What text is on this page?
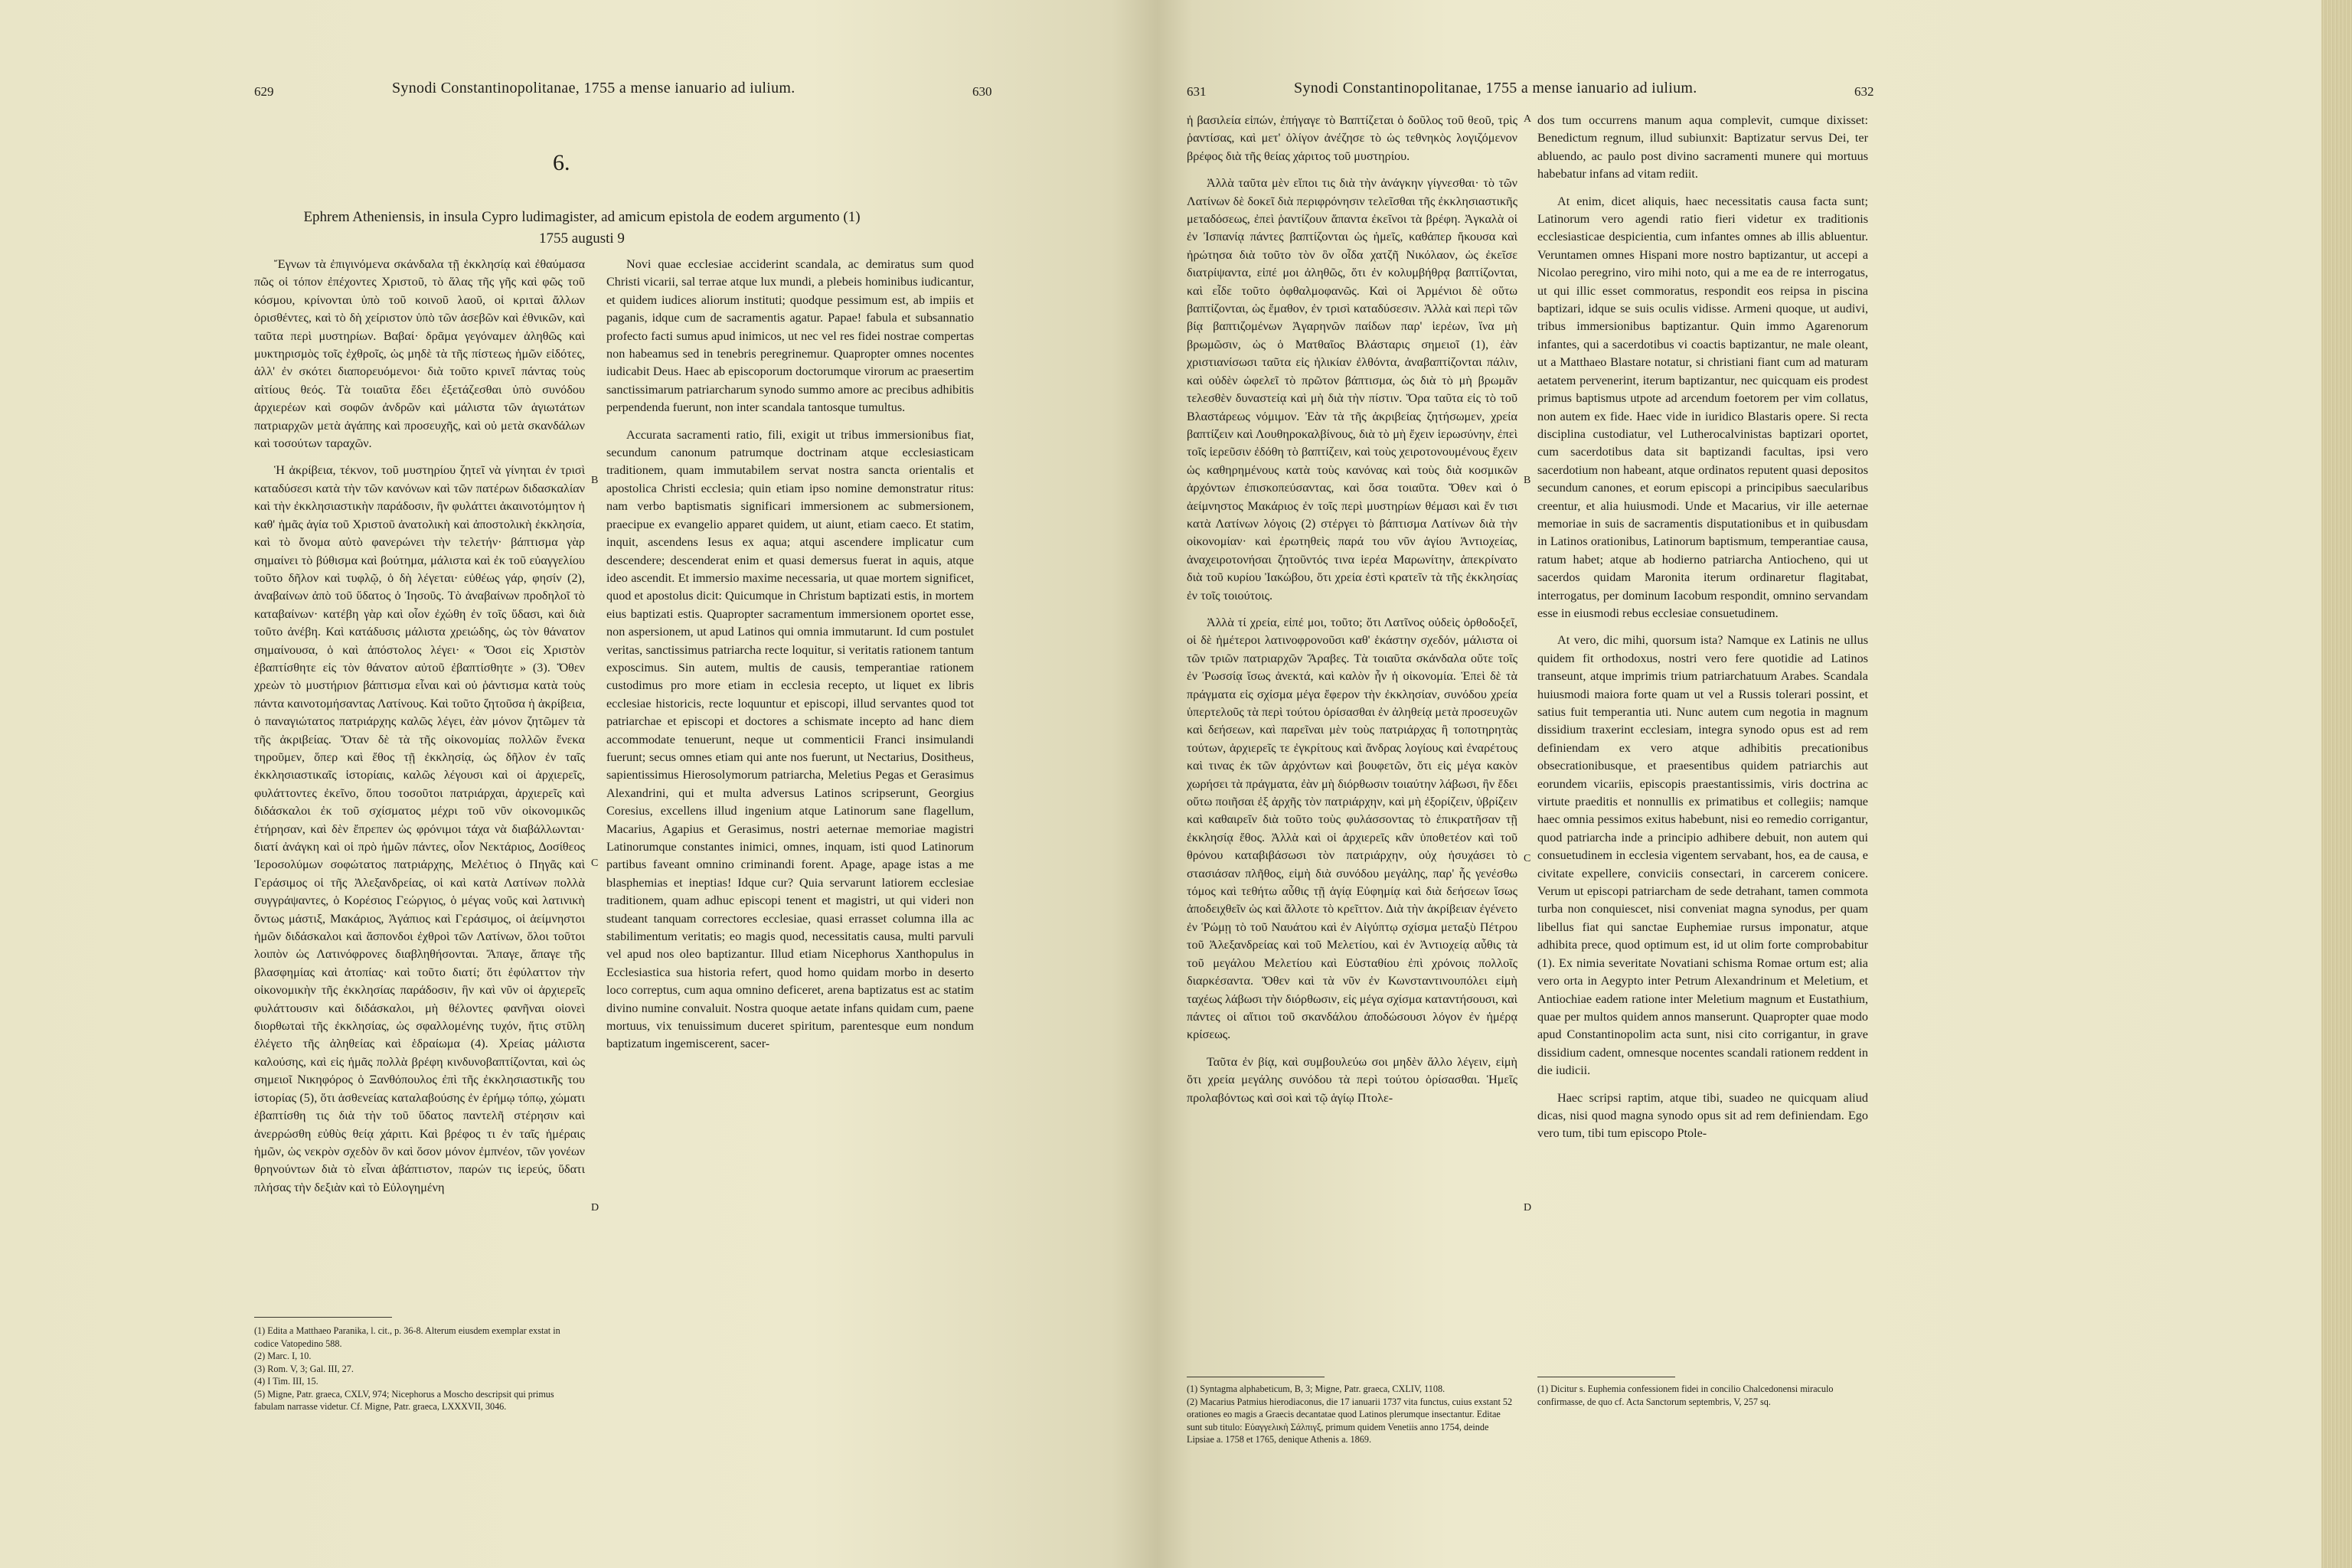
629	Synodi Constantinopolitanae, 1755 a mense ianuario ad iulium.	630
6.
Ephrem Atheniensis, in insula Cypro ludimagister, ad amicum epistola de eodem argumento (1)
1755 augusti 9

Ἔγνων τὰ ἐπιγινόμενα σκάνδαλα τῇ ἐκκλησίᾳ καὶ ἐθαύμασα πῶς οἱ τόπον ἐπέχοντες Χριστοῦ, τὸ ἅλας τῆς γῆς καὶ φῶς τοῦ κόσμου, κρίνονται ὑπὸ τοῦ κοινοῦ λαοῦ, οἱ κριταὶ ἄλλων ὁρισθέντες, καὶ τὸ δὴ χείριστον ὑπὸ τῶν ἀσεβῶν καὶ ἐθνικῶν, καὶ ταῦτα περὶ μυστηρίων. Βαβαί· δρᾶμα γεγόναμεν ἀληθῶς καὶ μυκτηρισμὸς τοῖς ἐχθροῖς, ὡς μηδὲ τὰ τῆς πίστεως ἡμῶν εἰδότες, ἀλλ' ἐν σκότει διαπορευόμενοι· διὰ τοῦτο κρινεῖ πάντας τοὺς αἰτίους θεός. Τὰ τοιαῦτα ἔδει ἐξετάζεσθαι ὑπὸ συνόδου ἀρχιερέων καὶ σοφῶν ἀνδρῶν καὶ μάλιστα τῶν ἁγιωτάτων πατριαρχῶν μετὰ ἀγάπης καὶ προσευχῆς, καὶ οὐ μετὰ σκανδάλων καὶ τοσούτων ταραχῶν.

Ἡ ἀκρίβεια, τέκνον, τοῦ μυστηρίου ζητεῖ νὰ γίνηται ἐν τρισὶ καταδύσεσι κατὰ τὴν τῶν κανόνων καὶ τῶν πατέρων διδασκαλίαν καὶ τὴν ἐκκλησιαστικὴν παράδοσιν, ἣν φυλάττει ἀκαινοτόμητον ἡ καθ' ἡμᾶς ἁγία τοῦ Χριστοῦ ἀνατολικὴ καὶ ἀποστολικὴ ἐκκλησία, καὶ τὸ ὄνομα αὐτὸ φανερώνει τὴν τελετήν· βάπτισμα γὰρ σημαίνει τὸ βύθισμα καὶ βούτημα, μάλιστα καὶ ἐκ τοῦ εὐαγγελίου τοῦτο δῆλον καὶ τυφλῷ, ὁ δὴ λέγεται· εὐθέως γάρ, φησίν (2), ἀναβαίνων ἀπὸ τοῦ ὕδατος ὁ Ἰησοῦς. Τὸ ἀναβαίνων προδηλοῖ τὸ καταβαίνων· κατέβη γὰρ καὶ οἷον ἐχώθη ἐν τοῖς ὕδασι, καὶ διὰ τοῦτο ἀνέβη. Καὶ κατάδυσις μάλιστα χρειώδης, ὡς τὸν θάνατον σημαίνουσα, ὁ καὶ ἀπόστολος λέγει· « Ὅσοι εἰς Χριστὸν ἐβαπτίσθητε εἰς τὸν θάνατον αὐτοῦ ἐβαπτίσθητε » (3). Ὅθεν χρεὼν τὸ μυστήριον βάπτισμα εἶναι καὶ οὐ ῥάντισμα κατὰ τοὺς πάντα καινοτομήσαντας Λατίνους. Καὶ τοῦτο ζητοῦσα ἡ ἀκρίβεια, ὁ παναγιώτατος πατριάρχης καλῶς λέγει, ἐὰν μόνον ζητῶμεν τὰ τῆς ἀκριβείας. Ὅταν δὲ τὰ τῆς οἰκονομίας πολλῶν ἕνεκα τηροῦμεν, ὅπερ καὶ ἔθος τῇ ἐκκλησίᾳ, ὡς δῆλον ἐν ταῖς ἐκκλησιαστικαῖς ἱστορίαις, καλῶς λέγουσι καὶ οἱ ἀρχιερεῖς, φυλάττοντες ἐκεῖνο, ὅπου τοσοῦτοι πατριάρχαι, ἀρχιερεῖς καὶ διδάσκαλοι ἐκ τοῦ σχίσματος μέχρι τοῦ νῦν οἰκονομικῶς ἐτήρησαν, καὶ δὲν ἔπρεπεν ὡς φρόνιμοι τάχα νὰ διαβάλλωνται· διατί ἀνάγκη καὶ οἱ πρὸ ἡμῶν πάντες, οἷον Νεκτάριος, Δοσίθεος Ἱεροσολύμων σοφώτατος πατριάρχης, Μελέτιος ὁ Πηγᾶς καὶ Γεράσιμος οἱ τῆς Ἀλεξανδρείας, οἱ καὶ κατὰ Λατίνων πολλὰ συγγράψαντες, ὁ Κορέσιος Γεώργιος, ὁ μέγας νοῦς καὶ λατινικὴ ὄντως μάστιξ, Μακάριος, Ἀγάπιος καὶ Γεράσιμος, οἱ ἀείμνηστοι ἡμῶν διδάσκαλοι καὶ ἄσπονδοι ἐχθροὶ τῶν Λατίνων, ὅλοι τοῦτοι λοιπὸν ὡς Λατινόφρονες διαβληθήσονται. Ἄπαγε, ἄπαγε τῆς βλασφημίας καὶ ἀτοπίας· καὶ τοῦτο διατί; ὅτι ἐφύλαττον τὴν οἰκονομικὴν τῆς ἐκκλησίας παράδοσιν, ἣν καὶ νῦν οἱ ἀρχιερεῖς φυλάττουσιν καὶ διδάσκαλοι, μὴ θέλοντες φανῆναι οἱονεὶ διορθωταὶ τῆς ἐκκλησίας, ὡς σφαλλομένης τυχόν, ἥτις στῦλη ἐλέγετο τῆς ἀληθείας καὶ ἑδραίωμα (4). Χρείας μάλιστα καλούσης, καὶ εἰς ἡμᾶς πολλὰ βρέφη κινδυνοβαπτίζονται, καὶ ὡς σημειοῖ Νικηφόρος ὁ Ξανθόπουλος ἐπὶ τῆς ἐκκλησιαστικῆς του ἱστορίας (5), ὅτι ἀσθενείας καταλαβούσης ἐν ἐρήμῳ τόπῳ, χώματι ἐβαπτίσθη τις διὰ τὴν τοῦ ὕδατος παντελῆ στέρησιν καὶ ἀνερρώσθη εὐθὺς θείᾳ χάριτι. Καὶ βρέφος τι ἐν ταῖς ἡμέραις ἡμῶν, ὡς νεκρὸν σχεδὸν ὂν καὶ ὅσον μόνον ἐμπνέον, τῶν γονέων θρηνούντων διὰ τὸ εἶναι ἀβάπτιστον, παρών τις ἱερεύς, ὕδατι πλήσας τὴν δεξιὰν καὶ τὸ Εὐλογημένη

B
C
D

Novi quae ecclesiae acciderint scandala, ac demiratus sum quod Christi vicarii, sal terrae atque lux mundi, a plebeis hominibus iudicantur, et quidem iudices aliorum instituti; quodque pessimum est, ab impiis et paganis, idque cum de sacramentis agatur. Papae! fabula et subsannatio profecto facti sumus apud inimicos, ut nec vel res fidei nostrae compertas non habeamus sed in tenebris peregrinemur. Quapropter omnes nocentes iudicabit Deus. Haec ab episcoporum doctorumque virorum ac praesertim sanctissimarum patriarcharum synodo summo amore ac precibus adhibitis perpendenda fuerunt, non inter scandala tantosque tumultus.

Accurata sacramenti ratio, fili, exigit ut tribus immersionibus fiat, secundum canonum patrumque doctrinam atque ecclesiasticam traditionem, quam immutabilem servat nostra sancta orientalis et apostolica Christi ecclesia; quin etiam ipso nomine demonstratur ritus: nam verbo baptismatis significari immersionem ac submersionem, praecipue ex evangelio apparet quidem, ut aiunt, etiam caeco. Et statim, inquit, ascendens Iesus ex aqua; atqui ascendere implicatur cum descendere; descenderat enim et quasi demersus fuerat in aquis, atque ideo ascendit. Et immersio maxime necessaria, ut quae mortem significet, quod et apostolus dicit: Quicumque in Christum baptizati estis, in mortem eius baptizati estis. Quapropter sacramentum immersionem oportet esse, non aspersionem, ut apud Latinos qui omnia immutarunt. Id cum postulet veritas, sanctissimus patriarcha recte loquitur, si veritatis rationem tantum exposcimus. Sin autem, multis de causis, temperantiae rationem custodimus pro more etiam in ecclesia recepto, ut liquet ex libris ecclesiae historicis, recte loquuntur et episcopi, illud servantes quod tot patriarchae et episcopi et doctores a schismate incepto ad hanc diem accommodate tenuerunt, neque ut commenticii Franci insimulandi fuerunt; secus omnes etiam qui ante nos fuerunt, ut Nectarius, Dositheus, sapientissimus Hierosolymorum patriarcha, Meletius Pegas et Gerasimus Alexandrini, qui et multa adversus Latinos scripserunt, Georgius Coresius, excellens illud ingenium atque Latinorum sane flagellum, Macarius, Agapius et Gerasimus, nostri aeternae memoriae magistri Latinorumque constantes inimici, omnes, inquam, isti quod Latinorum partibus faveant omnino criminandi forent. Apage, apage istas a me blasphemias et ineptias! Idque cur? Quia servarunt latiorem ecclesiae traditionem, quam adhuc episcopi tenent et magistri, ut qui videri non studeant tanquam correctores ecclesiae, quasi errasset columna illa ac stabilimentum veritatis; eo magis quod, necessitatis causa, multi parvuli vel apud nos oleo baptizantur. Illud etiam Nicephorus Xanthopulus in Ecclesiastica sua historia refert, quod homo quidam morbo in deserto loco correptus, cum aqua omnino deficeret, arena baptizatus est ac statim divino numine convaluit. Nostra quoque aetate infans quidam cum, paene mortuus, vix tenuissimum duceret spiritum, parentesque eum nondum baptizatum ingemiscerent, sacer-

(1) Edita a Matthaeo Paranika, l. cit., p. 36-8. Alterum eiusdem exemplar exstat in codice Vatopedino 588.
(2) Marc. I, 10.
(3) Rom. V, 3; Gal. III, 27.
(4) I Tim. III, 15.
(5) Migne, Patr. graeca, CXLV, 974; Nicephorus a Moscho descripsit qui primus fabulam narrasse videtur. Cf. Migne, Patr. graeca, LXXXVII, 3046.
631	Synodi Constantinopolitanae, 1755 a mense ianuario ad iulium.	632

ἡ βασιλεία εἰπών, ἐπήγαγε τὸ Βαπτίζεται ὁ δοῦλος τοῦ θεοῦ, τρὶς ῥαντίσας, καὶ μετ' ὀλίγον ἀνέζησε τὸ ὡς τεθνηκὸς λογιζόμενον βρέφος διὰ τῆς θείας χάριτος τοῦ μυστηρίου.

Ἀλλὰ ταῦτα μὲν εἴποι τις διὰ τὴν ἀνάγκην γίγνεσθαι· τὸ τῶν Λατίνων δὲ δοκεῖ διὰ περιφρόνησιν τελεῖσθαι τῆς ἐκκλησιαστικῆς μεταδόσεως, ἐπεὶ ῥαντίζουν ἅπαντα ἐκεῖνοι τὰ βρέφη. Ἀγκαλὰ οἱ ἐν Ἰσπανίᾳ πάντες βαπτίζονται ὡς ἡμεῖς, καθάπερ ἤκουσα καὶ ἠρώτησα διὰ τοῦτο τὸν ὃν οἶδα χατζῆ Νικόλαον, ὡς ἐκεῖσε διατρίψαντα, εἰπέ μοι ἀληθῶς, ὅτι ἐν κολυμβήθρᾳ βαπτίζονται, καὶ εἶδε τοῦτο ὀφθαλμοφανῶς. Καὶ οἱ Ἀρμένιοι δὲ οὕτω βαπτίζονται, ὡς ἔμαθον, ἐν τρισὶ καταδύσεσιν. Ἀλλὰ καὶ περὶ τῶν βίᾳ βαπτιζομένων Ἀγαρηνῶν παίδων παρ' ἱερέων, ἵνα μὴ βρωμῶσιν, ὡς ὁ Ματθαῖος Βλάσταρις σημειοῖ (1), ἐὰν χριστιανίσωσι ταῦτα εἰς ἡλικίαν ἐλθόντα, ἀναβαπτίζονται πάλιν, καὶ οὐδὲν ὠφελεῖ τὸ πρῶτον βάπτισμα, ὡς διὰ τὸ μὴ βρωμᾶν τελεσθὲν δυναστείᾳ καὶ μὴ διὰ τὴν πίστιν. Ὅρα ταῦτα εἰς τὸ τοῦ Βλαστάρεως νόμιμον. Ἐὰν τὰ τῆς ἀκριβείας ζητήσωμεν, χρεία βαπτίζειν καὶ Λουθηροκαλβίνους, διὰ τὸ μὴ ἔχειν ἱερωσύνην, ἐπεὶ τοῖς ἱερεῦσιν ἐδόθη τὸ βαπτίζειν, καὶ τοὺς χειροτονουμένους ἔχειν ὡς καθηρημένους κατὰ τοὺς κανόνας καὶ τοὺς διὰ κοσμικῶν ἀρχόντων ἐπισκοπεύσαντας, καὶ ὅσα τοιαῦτα. Ὅθεν καὶ ὁ ἀείμνηστος Μακάριος ἐν τοῖς περὶ μυστηρίων θέμασι καὶ ἔν τισι κατὰ Λατίνων λόγοις (2) στέργει τὸ βάπτισμα Λατίνων διὰ τὴν οἰκονομίαν· καὶ ἐρωτηθεὶς παρά του νῦν ἁγίου Ἀντιοχείας, ἀναχειροτονήσαι ζητοῦντός τινα ἱερέα Μαρωνίτην, ἀπεκρίνατο διὰ τοῦ κυρίου Ἰακώβου, ὅτι χρεία ἐστὶ κρατεῖν τὰ τῆς ἐκκλησίας ἐν τοῖς τοιούτοις.

Ἀλλὰ τί χρεία, εἰπέ μοι, τοῦτο; ὅτι Λατῖνος οὐδεὶς ὀρθοδοξεῖ, οἱ δὲ ἡμέτεροι λατινοφρονοῦσι καθ' ἑκάστην σχεδόν, μάλιστα οἱ τῶν τριῶν πατριαρχῶν Ἄραβες. Τὰ τοιαῦτα σκάνδαλα οὔτε τοῖς ἐν Ῥωσσίᾳ ἴσως ἀνεκτά, καὶ καλὸν ἦν ἡ οἰκονομία. Ἐπεὶ δὲ τὰ πράγματα εἰς σχίσμα μέγα ἔφερον τὴν ἐκκλησίαν, συνόδου χρεία ὑπερτελοῦς τὰ περὶ τούτου ὁρίσασθαι ἐν ἀληθείᾳ μετὰ προσευχῶν καὶ δεήσεων, καὶ παρεῖναι μὲν τοὺς πατριάρχας ἢ τοποτηρητὰς τούτων, ἀρχιερεῖς τε ἐγκρίτους καὶ ἄνδρας λογίους καὶ ἐναρέτους καὶ τινας ἐκ τῶν ἀρχόντων καὶ βουφετῶν, ὅτι εἰς μέγα κακὸν χωρήσει τὰ πράγματα, ἐὰν μὴ διόρθωσιν τοιαύτην λάβωσι, ἢν ἔδει οὕτω ποιῆσαι ἐξ ἀρχῆς τὸν πατριάρχην, καὶ μὴ ἐξορίζειν, ὑβρίζειν καὶ καθαιρεῖν διὰ τοῦτο τοὺς φυλάσσοντας τὸ ἐπικρατῆσαν τῇ ἐκκλησίᾳ ἔθος. Ἀλλὰ καὶ οἱ ἀρχιερεῖς κἂν ὑποθετέον καὶ τοῦ θρόνου καταβιβάσωσι τὸν πατριάρχην, οὐχ ἡσυχάσει τὸ στασιάσαν πλῆθος, εἰμὴ διὰ συνόδου μεγάλης, παρ' ἧς γενέσθω τόμος καὶ τεθήτω αὖθις τῇ ἁγίᾳ Εὐφημίᾳ καὶ διὰ δεήσεων ἴσως ἀποδειχθεῖν ὡς καὶ ἄλλοτε τὸ κρεῖττον. Διὰ τὴν ἀκρίβειαν ἐγένετο ἐν Ῥώμῃ τὸ τοῦ Ναυάτου καὶ ἐν Αἰγύπτῳ σχίσμα μεταξὺ Πέτρου τοῦ Ἀλεξανδρείας καὶ τοῦ Μελετίου, καὶ ἐν Ἀντιοχείᾳ αὖθις τὰ τοῦ μεγάλου Μελετίου καὶ Εὐσταθίου ἐπὶ χρόνοις πολλοῖς διαρκέσαντα. Ὅθεν καὶ τὰ νῦν ἐν Κωνσταντινουπόλει εἰμὴ ταχέως λάβωσι τὴν διόρθωσιν, εἰς μέγα σχίσμα καταντήσουσι, καὶ πάντες οἱ αἴτιοι τοῦ σκανδάλου ἀποδώσουσι λόγον ἐν ἡμέρᾳ κρίσεως.

Ταῦτα ἐν βίᾳ, καὶ συμβουλεύω σοι μηδὲν ἄλλο λέγειν, εἰμὴ ὅτι χρεία μεγάλης συνόδου τὰ περὶ τούτου ὁρίσασθαι. Ἡμεῖς προλαβόντως καὶ σοὶ καὶ τῷ ἁγίῳ Πτολε-

A
B
C
D

dos tum occurrens manum aqua complevit, cumque dixisset: Benedictum regnum, illud subiunxit: Baptizatur servus Dei, ter abluendo, ac paulo post divino sacramenti munere qui mortuus habebatur infans ad vitam rediit.

At enim, dicet aliquis, haec necessitatis causa facta sunt; Latinorum vero agendi ratio fieri videtur ex traditionis ecclesiasticae despicientia, cum infantes omnes ab illis abluentur. Veruntamen omnes Hispani more nostro baptizantur, ut accepi a Nicolao peregrino, viro mihi noto, qui a me ea de re interrogatus, ut qui illic esset commoratus, respondit eos reipsa in piscina baptizari, idque se suis oculis vidisse. Armeni quoque, ut audivi, tribus immersionibus baptizantur. Quin immo Agarenorum infantes, qui a sacerdotibus vi coactis baptizantur, ne male oleant, ut a Matthaeo Blastare notatur, si christiani fiant cum ad maturam aetatem pervenerint, iterum baptizantur, nec quicquam eis prodest primus baptismus utpote ad arcendum foetorem per vim collatus, non autem ex fide. Haec vide in iuridico Blastaris opere. Si recta disciplina custodiatur, vel Lutherocalvinistas baptizari oportet, cum sacerdotibus data sit baptizandi facultas, ipsi vero sacerdotium non habeant, atque ordinatos reputent quasi depositos secundum canones, et eorum episcopi a principibus saecularibus creentur, et alia huiusmodi. Unde et Macarius, vir ille aeternae memoriae in suis de sacramentis disputationibus et in quibusdam in Latinos orationibus, Latinorum baptismum, temperantiae causa, ratum habet; atque ab hodierno patriarcha Antiocheno, qui ut sacerdos quidam Maronita iterum ordinaretur flagitabat, interrogatus, per dominum Iacobum respondit, omnino servandam esse in eiusmodi rebus ecclesiae consuetudinem.

At vero, dic mihi, quorsum ista? Namque ex Latinis ne ullus quidem fit orthodoxus, nostri vero fere quotidie ad Latinos transeunt, atque imprimis trium patriarchatuum Arabes. Scandala huiusmodi maiora forte quam ut vel a Russis tolerari possint, et satius fuit temperantia uti. Nunc autem cum negotia in magnum dissidium traxerint ecclesiam, integra synodo opus est ad rem definiendam ex vero atque adhibitis precationibus obsecrationibusque, et praesentibus quidem patriarchis aut eorundem vicariis, episcopis praestantissimis, viris doctrina ac virtute praeditis et nonnullis ex primatibus et collegiis; namque haec omnia pessimos exitus habebunt, nisi eo remedio corrigantur, quod patriarcha inde a principio adhibere debuit, non autem qui consuetudinem in ecclesia vigentem servabant, hos, ea de causa, e civitate expellere, conviciis consectari, in carcerem conicere. Verum ut episcopi patriarcham de sede detrahant, tamen commota turba non conquiescet, nisi conveniat magna synodus, per quam libellus fiat qui sanctae Euphemiae rursus imponatur, atque adhibita prece, quod optimum est, id ut olim forte comprobabitur (1). Ex nimia severitate Novatiani schisma Romae ortum est; alia vero orta in Aegypto inter Petrum Alexandrinum et Meletium, et Antiochiae eadem ratione inter Meletium magnum et Eustathium, quae per multos quidem annos manserunt. Quapropter quae modo apud Constantinopolim acta sunt, nisi cito corrigantur, in grave dissidium cadent, omnesque nocentes scandali rationem reddent in die iudicii.

Haec scripsi raptim, atque tibi, suadeo ne quicquam aliud dicas, nisi quod magna synodo opus sit ad rem definiendam. Ego vero tum, tibi tum episcopo Ptole-

(1) Syntagma alphabeticum, B, 3; Migne, Patr. graeca, CXLIV, 1108.
(2) Macarius Patmius hierodiaconus, die 17 ianuarii 1737 vita functus, cuius exstant 52 orationes eo magis a Graecis decantatae quod Latinos plerumque insectantur. Editae sunt sub titulo: Εὐαγγελικὴ Σάλπιγξ, primum quidem Venetiis anno 1754, deinde Lipsiae a. 1758 et 1765, denique Athenis a. 1869.
(1) Dicitur s. Euphemia confessionem fidei in concilio Chalcedonensi miraculo confirmasse, de quo cf. Acta Sanctorum septembris, V, 257 sq.
